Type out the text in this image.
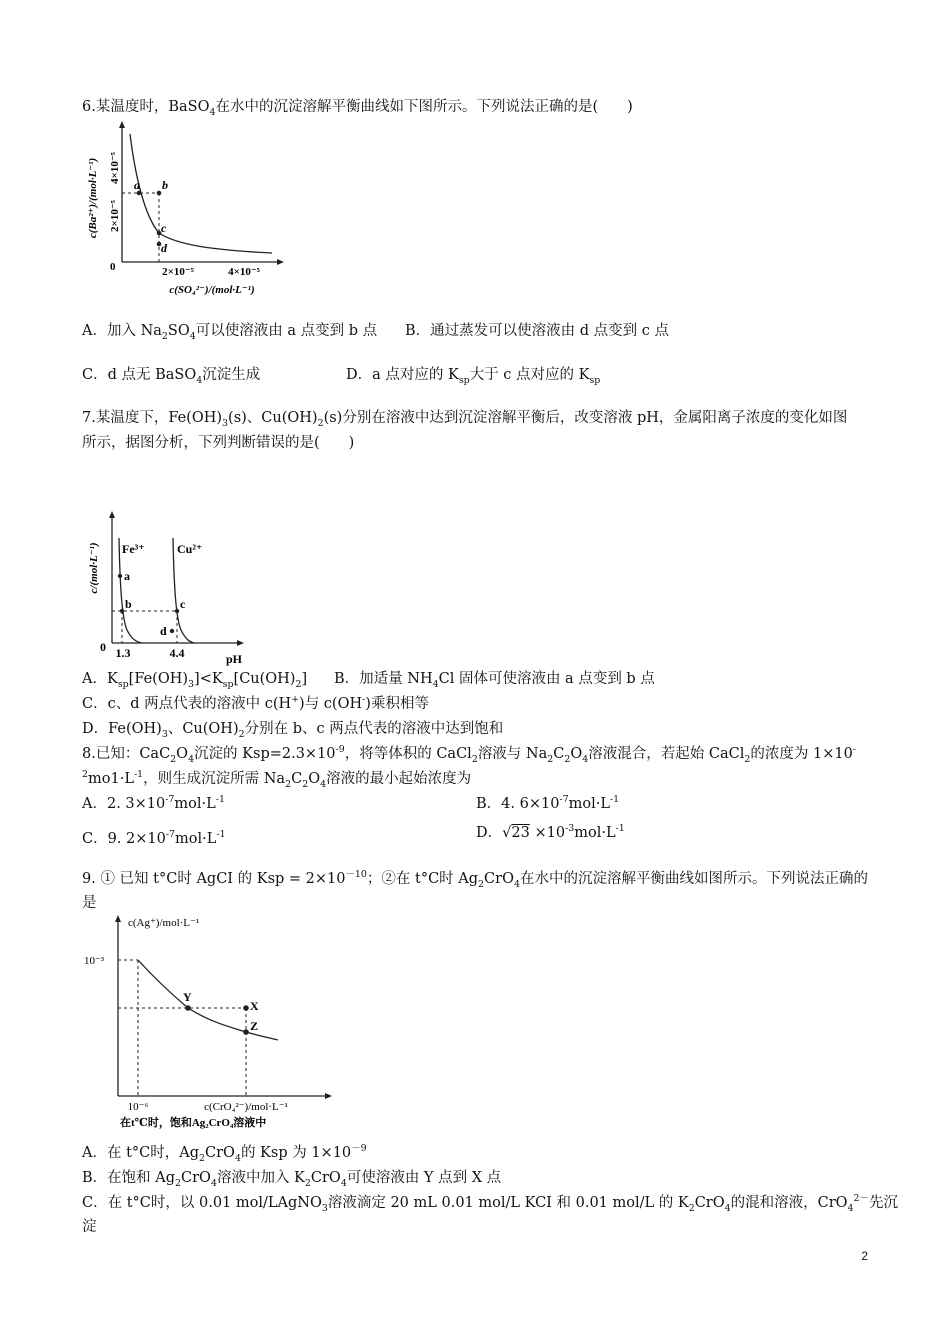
6.某温度时，BaSO$_4$在水中的沉淀溶解平衡曲线如下图所示。下列说法正确的是(　　)
a b
c
d
4×10⁻⁵
2×10⁻⁵
c(Ba²⁺)/(mol·L⁻¹)
0	2×10⁻⁵	4×10⁻⁵
c(SO₄²⁻)/(mol·L⁻¹)
A．加入 $Na_2SO_4$可以使溶液由 a 点变到 b 点 B．通过蒸发可以使溶液由 d 点变到 c 点
C．d 点无 BaSO$_4$沉淀生成	D．a 点对应的 $K_{sp}$大于 c 点对应的 $K_{sp}$
7.某温度下，$Fe(OH)_3(s)$、$Cu(OH)_2(s)$分别在溶液中达到沉淀溶解平衡后，改变溶液 pH，金属阳离子浓度的变化如图
所示，据图分析，下列判断错误的是(　　)
a
b	c
d
Fe³⁺	Cu²⁺
c/(mol·L⁻¹)
0 1.3	4.4	pH
A．$K_{sp}[Fe(OH)_3]<K_{sp}[Cu(OH)_2]$ B．加适量 $NH_4Cl$ 固体可使溶液由 a 点变到 b 点
C．c、d 两点代表的溶液中 c(H+)与 c(OH-)乘积相等
D．$Fe(OH)_3$、$Cu(OH)_2$分别在 b、c 两点代表的溶液中达到饱和
8.已知：$CaC_2O_4$沉淀的 $Ksp=2.3\times 10^{-9}$，将等体积的 CaCl$_2$溶液与 $Na_2C_2O_4$溶液混合，若起始 CaCl$_2$的浓度为 1×10-
$^2mo1\cdot L^{-1}$，则生成沉淀所需 $Na_2C_2O_4$溶液的最小起始浓度为
A．2. $3\times 10^{-7}mol\cdot L^{-1}$	B．4. $6\times 10^{-7}mol\cdot L^{-1}$
C．9. $2\times 10^{-7}mol\cdot L^{-1}$	D．$√23 \times 10^{-3}mol\cdot L^{-1}$
9. ① 已知 t°C时 AgCI 的 Ksp = $2\times 10^{-10}$；②在 t°C时 $Ag_2CrO_4$在水中的沉淀溶解平衡曲线如图所示。下列说法正确的
是
Y
X
Z
c(Ag⁺)/mol·L⁻¹
10⁻³
10⁻⁶	c(CrO₄²⁻)/mol·L⁻¹
在t℃时，饱和Ag₂CrO₄溶液中
A．在 t°C时，$Ag_2CrO_4$的 Ksp 为 $1\times 10^{-9}$
B．在饱和 $Ag_2CrO_4$溶液中加入 $K_2CrO_4$可使溶液由 Y 点到 X 点
C．在 t°C时，以 0.01 mol/LAgNO$_3$溶液滴定 20 mL 0.01 mol/L KCI 和 0.01 mol/L 的 $K_2CrO_4$的混和溶液，CrO$_4^{2-}$先沉
淀
2
